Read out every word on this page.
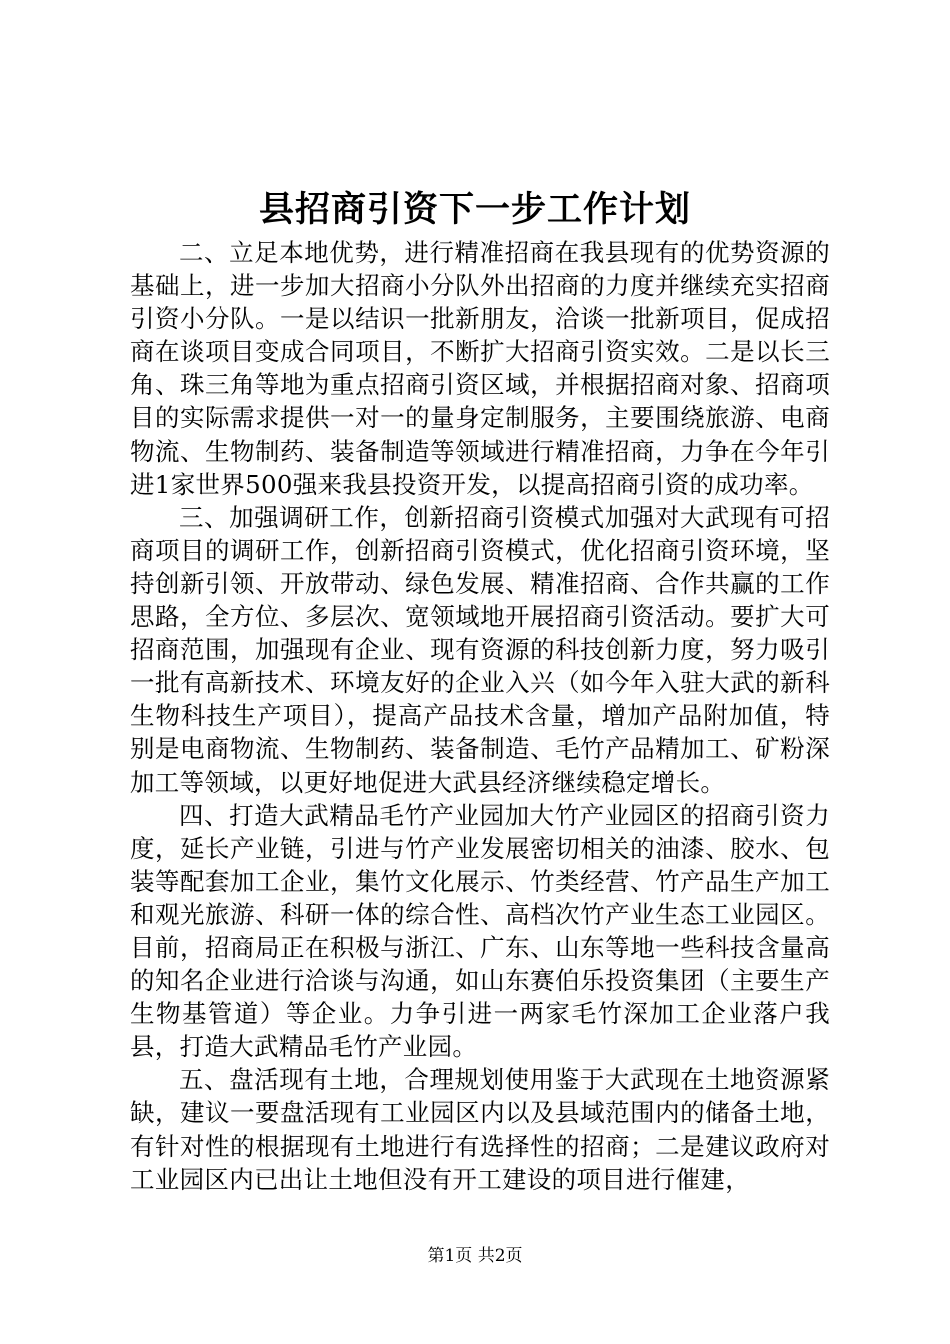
县招商引资下一步工作计划

二、立足本地优势，进行精准招商在我县现有的优势资源的基础上，进一步加大招商小分队外出招商的力度并继续充实招商引资小分队。一是以结识一批新朋友，洽谈一批新项目，促成招商在谈项目变成合同项目，不断扩大招商引资实效。二是以长三角、珠三角等地为重点招商引资区域，并根据招商对象、招商项目的实际需求提供一对一的量身定制服务，主要围绕旅游、电商物流、生物制药、装备制造等领域进行精准招商，力争在今年引进1家世界500强来我县投资开发，以提高招商引资的成功率。

三、加强调研工作，创新招商引资模式加强对大武现有可招商项目的调研工作，创新招商引资模式，优化招商引资环境，坚持创新引领、开放带动、绿色发展、精准招商、合作共赢的工作思路，全方位、多层次、宽领域地开展招商引资活动。要扩大可招商范围，加强现有企业、现有资源的科技创新力度，努力吸引一批有高新技术、环境友好的企业入兴（如今年入驻大武的新科生物科技生产项目），提高产品技术含量，增加产品附加值，特别是电商物流、生物制药、装备制造、毛竹产品精加工、矿粉深加工等领域，以更好地促进大武县经济继续稳定增长。

四、打造大武精品毛竹产业园加大竹产业园区的招商引资力度，延长产业链，引进与竹产业发展密切相关的油漆、胶水、包装等配套加工企业，集竹文化展示、竹类经营、竹产品生产加工和观光旅游、科研一体的综合性、高档次竹产业生态工业园区。目前，招商局正在积极与浙江、广东、山东等地一些科技含量高的知名企业进行洽谈与沟通，如山东赛伯乐投资集团（主要生产生物基管道）等企业。力争引进一两家毛竹深加工企业落户我县，打造大武精品毛竹产业园。

五、盘活现有土地，合理规划使用鉴于大武现在土地资源紧缺，建议一要盘活现有工业园区内以及县域范围内的储备土地，有针对性的根据现有土地进行有选择性的招商；二是建议政府对工业园区内已出让土地但没有开工建设的项目进行催建，

第1页 共2页
